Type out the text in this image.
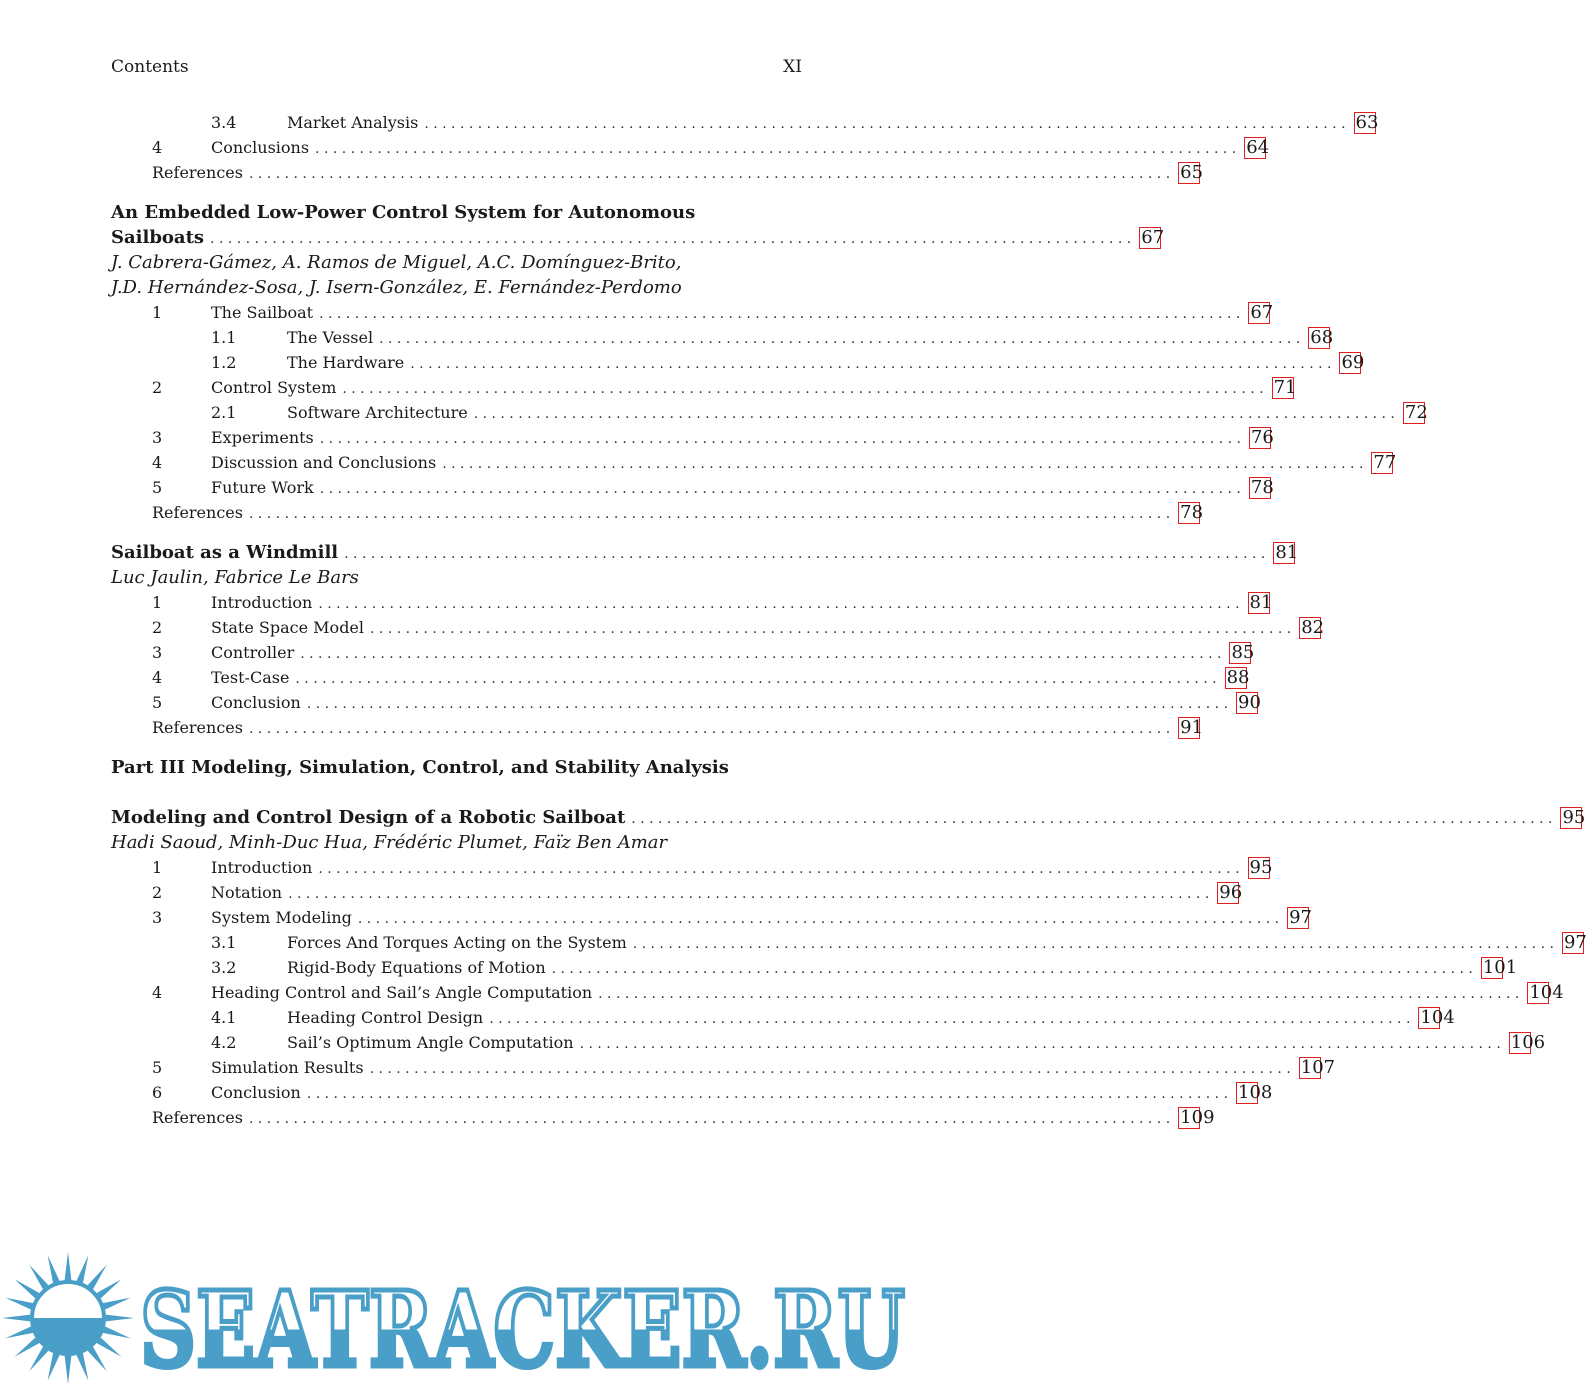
Contents	XI
3.4	Market Analysis . . .	63
4	Conclusions . . .	64
References . . .	65
An Embedded Low-Power Control System for Autonomous
Sailboats . . .	67
J. Cabrera-Gámez, A. Ramos de Miguel, A.C. Domínguez-Brito,
J.D. Hernández-Sosa, J. Isern-González, E. Fernández-Perdomo
1	The Sailboat . . .	67
1.1	The Vessel . . .	68
1.2	The Hardware . . .	69
2	Control System . . .	71
2.1	Software Architecture . . .	72
3	Experiments . . .	76
4	Discussion and Conclusions . . .	77
5	Future Work . . .	78
References . . .	78
Sailboat as a Windmill . . .	81
Luc Jaulin, Fabrice Le Bars
1	Introduction . . .	81
2	State Space Model . . .	82
3	Controller . . .	85
4	Test-Case . . .	88
5	Conclusion . . .	90
References . . .	91
Part III Modeling, Simulation, Control, and Stability Analysis
Modeling and Control Design of a Robotic Sailboat . . .	95
Hadi Saoud, Minh-Duc Hua, Frédéric Plumet, Faïz Ben Amar
1	Introduction . . .	95
2	Notation . . .	96
3	System Modeling . . .	97
3.1	Forces And Torques Acting on the System . . .	97
3.2	Rigid-Body Equations of Motion . . .	101
4	Heading Control and Sail’s Angle Computation . . .	104
4.1	Heading Control Design . . .	104
4.2	Sail’s Optimum Angle Computation . . .	106
5	Simulation Results . . .	107
6	Conclusion . . .	108
References . . .	109
SEATRACKER.RU
